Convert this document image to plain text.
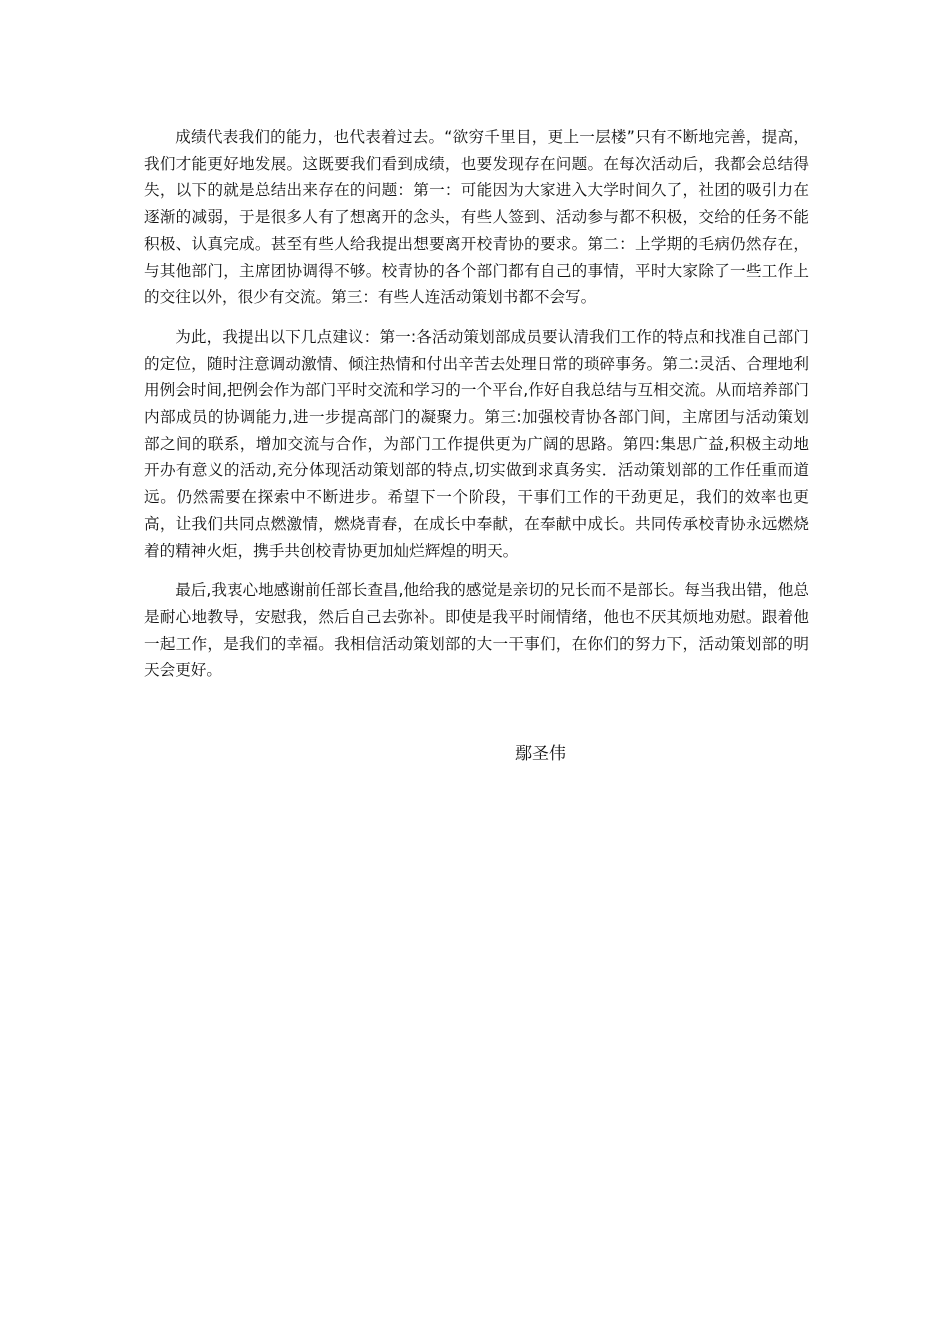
成绩代表我们的能力，也代表着过去。“欲穷千里目，更上一层楼”只有不断地完善，提高，我们才能更好地发展。这既要我们看到成绩，也要发现存在问题。在每次活动后，我都会总结得失，以下的就是总结出来存在的问题：第一：可能因为大家进入大学时间久了，社团的吸引力在逐渐的减弱，于是很多人有了想离开的念头，有些人签到、活动参与都不积极，交给的任务不能积极、认真完成。甚至有些人给我提出想要离开校青协的要求。第二：上学期的毛病仍然存在，与其他部门，主席团协调得不够。校青协的各个部门都有自己的事情，平时大家除了一些工作上的交往以外，很少有交流。第三：有些人连活动策划书都不会写。

为此，我提出以下几点建议：第一:各活动策划部成员要认清我们工作的特点和找准自己部门的定位，随时注意调动激情、倾注热情和付出辛苦去处理日常的琐碎事务。第二:灵活、合理地利用例会时间,把例会作为部门平时交流和学习的一个平台,作好自我总结与互相交流。从而培养部门内部成员的协调能力,进一步提高部门的凝聚力。第三:加强校青协各部门间，主席团与活动策划部之间的联系，增加交流与合作，为部门工作提供更为广阔的思路。第四:集思广益,积极主动地开办有意义的活动,充分体现活动策划部的特点,切实做到求真务实．活动策划部的工作任重而道远。仍然需要在探索中不断进步。希望下一个阶段，干事们工作的干劲更足，我们的效率也更高，让我们共同点燃激情，燃烧青春，在成长中奉献，在奉献中成长。共同传承校青协永远燃烧着的精神火炬，携手共创校青协更加灿烂辉煌的明天。

最后,我衷心地感谢前任部长查昌,他给我的感觉是亲切的兄长而不是部长。每当我出错，他总是耐心地教导，安慰我，然后自己去弥补。即使是我平时闹情绪，他也不厌其烦地劝慰。跟着他一起工作，是我们的幸福。我相信活动策划部的大一干事们，在你们的努力下，活动策划部的明天会更好。

鄢圣伟
